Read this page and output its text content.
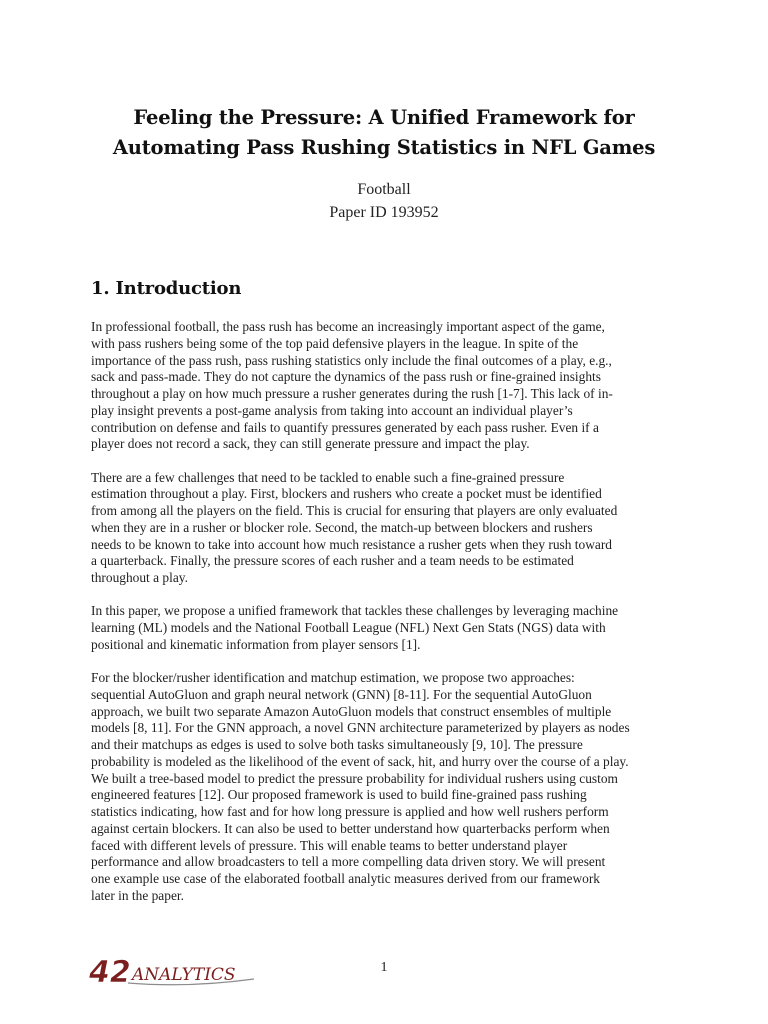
Feeling the Pressure: A Unified Framework for
Automating Pass Rushing Statistics in NFL Games
Football
Paper ID 193952
1. Introduction
In professional football, the pass rush has become an increasingly important aspect of the game,
with pass rushers being some of the top paid defensive players in the league. In spite of the
importance of the pass rush, pass rushing statistics only include the final outcomes of a play, e.g.,
sack and pass-made. They do not capture the dynamics of the pass rush or fine-grained insights
throughout a play on how much pressure a rusher generates during the rush [1-7]. This lack of in-
play insight prevents a post-game analysis from taking into account an individual player’s
contribution on defense and fails to quantify pressures generated by each pass rusher. Even if a
player does not record a sack, they can still generate pressure and impact the play.
There are a few challenges that need to be tackled to enable such a fine-grained pressure
estimation throughout a play. First, blockers and rushers who create a pocket must be identified
from among all the players on the field. This is crucial for ensuring that players are only evaluated
when they are in a rusher or blocker role. Second, the match-up between blockers and rushers
needs to be known to take into account how much resistance a rusher gets when they rush toward
a quarterback. Finally, the pressure scores of each rusher and a team needs to be estimated
throughout a play.
In this paper, we propose a unified framework that tackles these challenges by leveraging machine
learning (ML) models and the National Football League (NFL) Next Gen Stats (NGS) data with
positional and kinematic information from player sensors [1].
For the blocker/rusher identification and matchup estimation, we propose two approaches:
sequential AutoGluon and graph neural network (GNN) [8-11]. For the sequential AutoGluon
approach, we built two separate Amazon AutoGluon models that construct ensembles of multiple
models [8, 11]. For the GNN approach, a novel GNN architecture parameterized by players as nodes
and their matchups as edges is used to solve both tasks simultaneously [9, 10]. The pressure
probability is modeled as the likelihood of the event of sack, hit, and hurry over the course of a play.
We built a tree-based model to predict the pressure probability for individual rushers using custom
engineered features [12]. Our proposed framework is used to build fine-grained pass rushing
statistics indicating, how fast and for how long pressure is applied and how well rushers perform
against certain blockers. It can also be used to better understand how quarterbacks perform when
faced with different levels of pressure. This will enable teams to better understand player
performance and allow broadcasters to tell a more compelling data driven story. We will present
one example use case of the elaborated football analytic measures derived from our framework
later in the paper.
42 ANALYTICS	1
